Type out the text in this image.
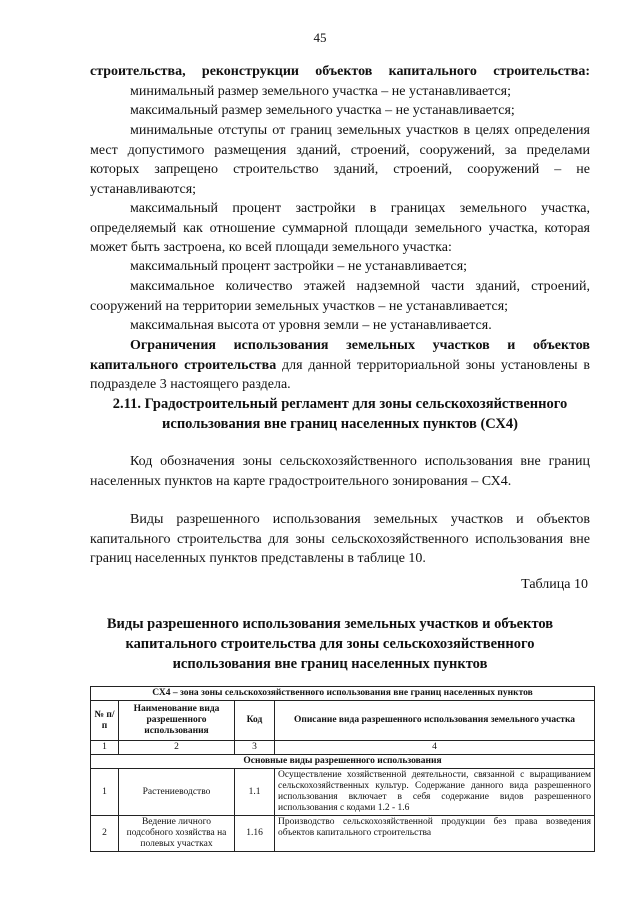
45

строительства, реконструкции объектов капитального строительства:

минимальный размер земельного участка – не устанавливается;

максимальный размер земельного участка – не устанавливается;

минимальные отступы от границ земельных участков в целях определения мест допустимого размещения зданий, строений, сооружений, за пределами которых запрещено строительство зданий, строений, сооружений – не устанавливаются;

максимальный процент застройки в границах земельного участка, определяемый как отношение суммарной площади земельного участка, которая может быть застроена, ко всей площади земельного участка:

максимальный процент застройки – не устанавливается;

максимальное количество этажей надземной части зданий, строений, сооружений на территории земельных участков – не устанавливается;

максимальная высота от уровня земли – не устанавливается.

Ограничения использования земельных участков и объектов капитального строительства для данной территориальной зоны установлены в подразделе 3 настоящего раздела.

2.11. Градостроительный регламент для зоны сельскохозяйственного использования вне границ населенных пунктов (СХ4)

Код обозначения зоны сельскохозяйственного использования вне границ населенных пунктов на карте градостроительного зонирования – СХ4.

Виды разрешенного использования земельных участков и объектов капитального строительства для зоны сельскохозяйственного использования вне границ населенных пунктов представлены в таблице 10.

Таблица 10

Виды разрешенного использования земельных участков и объектов капитального строительства для зоны сельскохозяйственного использования вне границ населенных пунктов

СХ4 – зона зоны сельскохозяйственного использования вне границ населенных пунктов			
№ п/п	Наименование вида разрешенного использования	Код	Описание вида разрешенного использования земельного участка
1	2	3	4
Основные виды разрешенного использования			
1	Растениеводство	1.1	Осуществление хозяйственной деятельности, связанной с выращиванием сельскохозяйственных культур. Содержание данного вида разрешенного использования включает в себя содержание видов разрешенного использования с кодами 1.2 - 1.6
2	Ведение личного подсобного хозяйства на полевых участках	1.16	Производство сельскохозяйственной продукции без права возведения объектов капитального строительства
